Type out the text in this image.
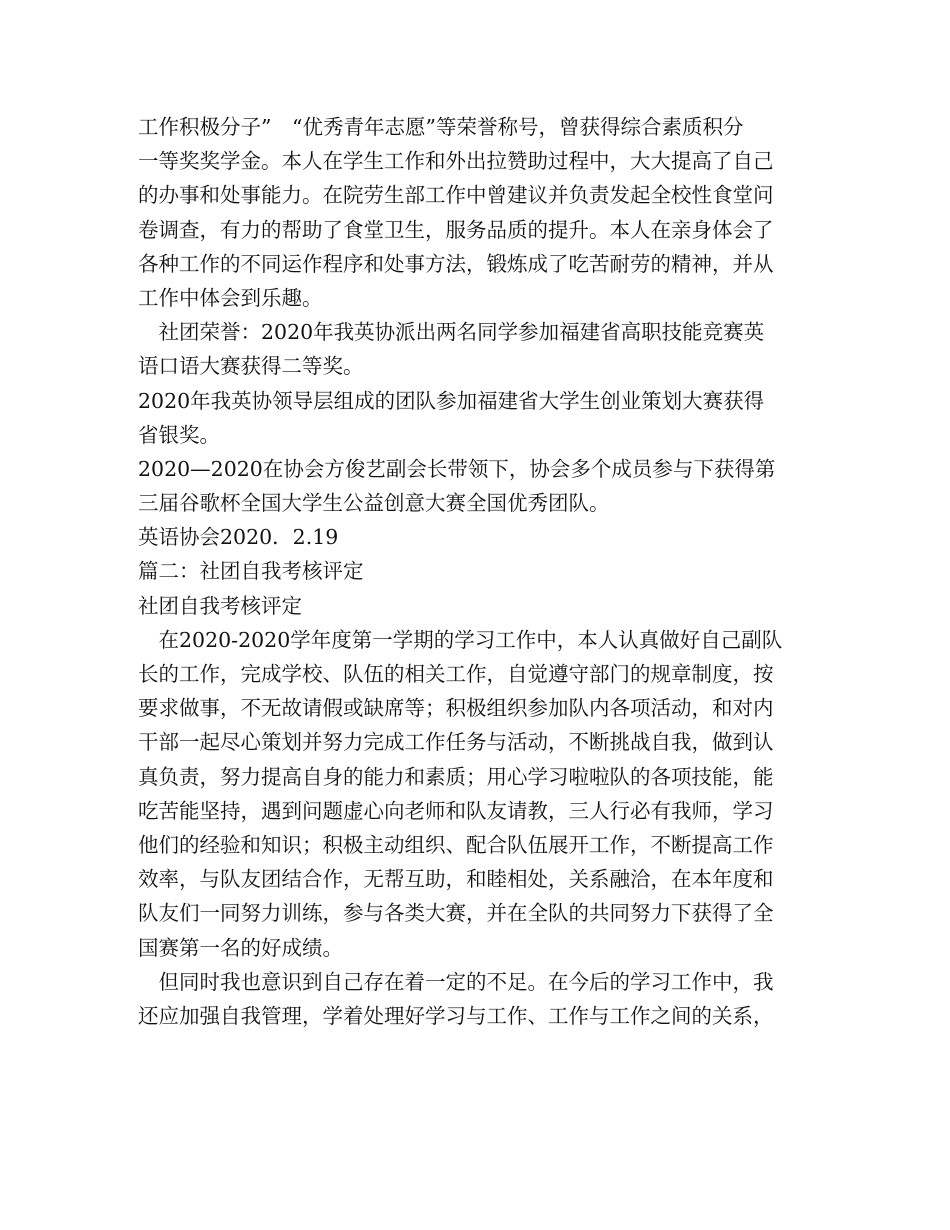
工作积极分子”　“优秀青年志愿”等荣誉称号，曾获得综合素质积分
一等奖奖学金。本人在学生工作和外出拉赞助过程中，大大提高了自己
的办事和处事能力。在院劳生部工作中曾建议并负责发起全校性食堂问
卷调查，有力的帮助了食堂卫生，服务品质的提升。本人在亲身体会了
各种工作的不同运作程序和处事方法，锻炼成了吃苦耐劳的精神，并从
工作中体会到乐趣。
　社团荣誉：2020年我英协派出两名同学参加福建省高职技能竞赛英
语口语大赛获得二等奖。
2020年我英协领导层组成的团队参加福建省大学生创业策划大赛获得
省银奖。
2020—2020在协会方俊艺副会长带领下，协会多个成员参与下获得第
三届谷歌杯全国大学生公益创意大赛全国优秀团队。
英语协会2020．2.19
篇二：社团自我考核评定
社团自我考核评定
　在2020-2020学年度第一学期的学习工作中，本人认真做好自己副队
长的工作，完成学校、队伍的相关工作，自觉遵守部门的规章制度，按
要求做事，不无故请假或缺席等；积极组织参加队内各项活动，和对内
干部一起尽心策划并努力完成工作任务与活动，不断挑战自我，做到认
真负责，努力提高自身的能力和素质；用心学习啦啦队的各项技能，能
吃苦能坚持，遇到问题虚心向老师和队友请教，三人行必有我师，学习
他们的经验和知识；积极主动组织、配合队伍展开工作，不断提高工作
效率，与队友团结合作，无帮互助，和睦相处，关系融洽，在本年度和
队友们一同努力训练，参与各类大赛，并在全队的共同努力下获得了全
国赛第一名的好成绩。
　但同时我也意识到自己存在着一定的不足。在今后的学习工作中，我
还应加强自我管理，学着处理好学习与工作、工作与工作之间的关系，
